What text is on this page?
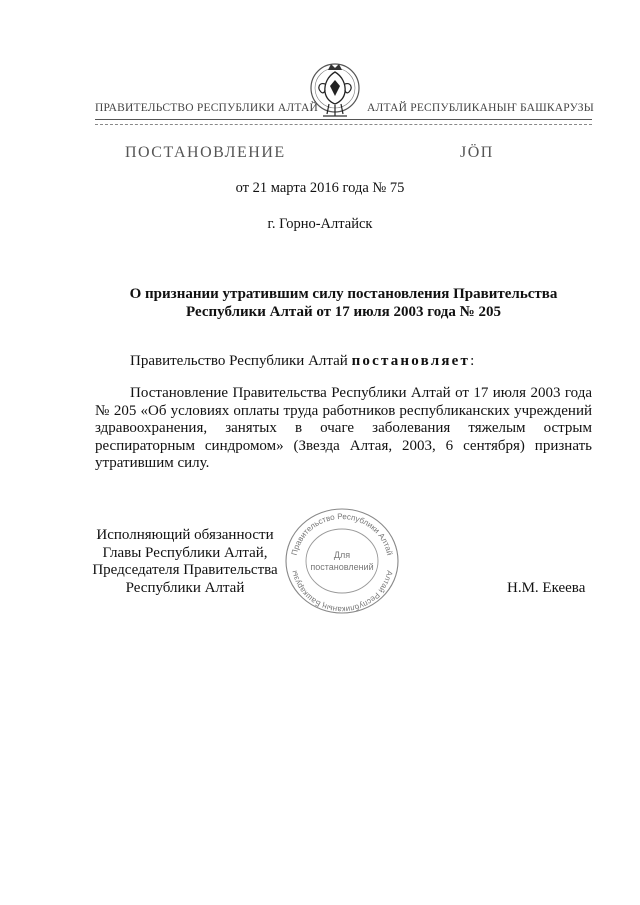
ПРАВИТЕЛЬСТВО РЕСПУБЛИКИ АЛТАЙ	АЛТАЙ РЕСПУБЛИКАНЫҤ БАШКАРУЗЫ
ПОСТАНОВЛЕНИЕ	JӦП
от 21 марта 2016 года № 75
г. Горно-Алтайск
О признании утратившим силу постановления Правительства
Республики Алтай от 17 июля 2003 года № 205
Правительство Республики Алтай постановляет:
Постановление Правительства Республики Алтай от 17 июля 2003 года № 205 «Об условиях оплаты труда работников республиканских учреждений здравоохранения, занятых в очаге заболевания тяжелым острым респираторным синдромом» (Звезда Алтая, 2003, 6 сентября) признать утратившим силу.
Исполняющий обязанности
Главы Республики Алтай,
Председателя Правительства
Республики Алтай	Н.М. Екеева
Правительство Республики Алтай
Алтай Республиканың Башкарузы
Для
постановлений
